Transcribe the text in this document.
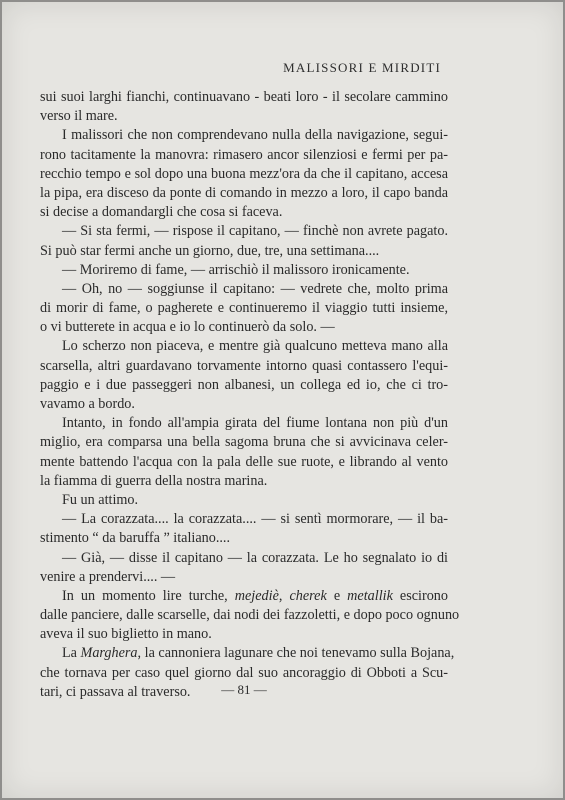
MALISSORI E MIRDITI
sui suoi larghi fianchi, continuavano - beati loro - il secolare cammino
verso il mare.
I malissori che non comprendevano nulla della navigazione, segui-
rono tacitamente la manovra: rimasero ancor silenziosi e fermi per pa-
recchio tempo e sol dopo una buona mezz'ora da che il capitano, accesa
la pipa, era disceso da ponte di comando in mezzo a loro, il capo banda
si decise a domandargli che cosa si faceva.
— Si sta fermi, — rispose il capitano, — finchè non avrete pagato.
Si può star fermi anche un giorno, due, tre, una settimana....
— Moriremo di fame, — arrischiò il malissoro ironicamente.
— Oh, no — soggiunse il capitano: — vedrete che, molto prima
di morir di fame, o pagherete e continueremo il viaggio tutti insieme,
o vi butterete in acqua e io lo continuerò da solo. —
Lo scherzo non piaceva, e mentre già qualcuno metteva mano alla
scarsella, altri guardavano torvamente intorno quasi contassero l'equi-
paggio e i due passeggeri non albanesi, un collega ed io, che ci tro-
vavamo a bordo.
Intanto, in fondo all'ampia girata del fiume lontana non più d'un
miglio, era comparsa una bella sagoma bruna che si avvicinava celer-
mente battendo l'acqua con la pala delle sue ruote, e librando al vento
la fiamma di guerra della nostra marina.
Fu un attimo.
— La corazzata.... la corazzata.... — si sentì mormorare, — il ba-
stimento “ da baruffa ” italiano....
— Già, — disse il capitano — la corazzata. Le ho segnalato io di
venire a prendervi.... —
In un momento lire turche, mejediè, cherek e metallik escirono
dalle panciere, dalle scarselle, dai nodi dei fazzoletti, e dopo poco ognuno
aveva il suo biglietto in mano.
La Marghera, la cannoniera lagunare che noi tenevamo sulla Bojana,
che tornava per caso quel giorno dal suo ancoraggio di Obboti a Scu-
tari, ci passava al traverso.	— 81 —
